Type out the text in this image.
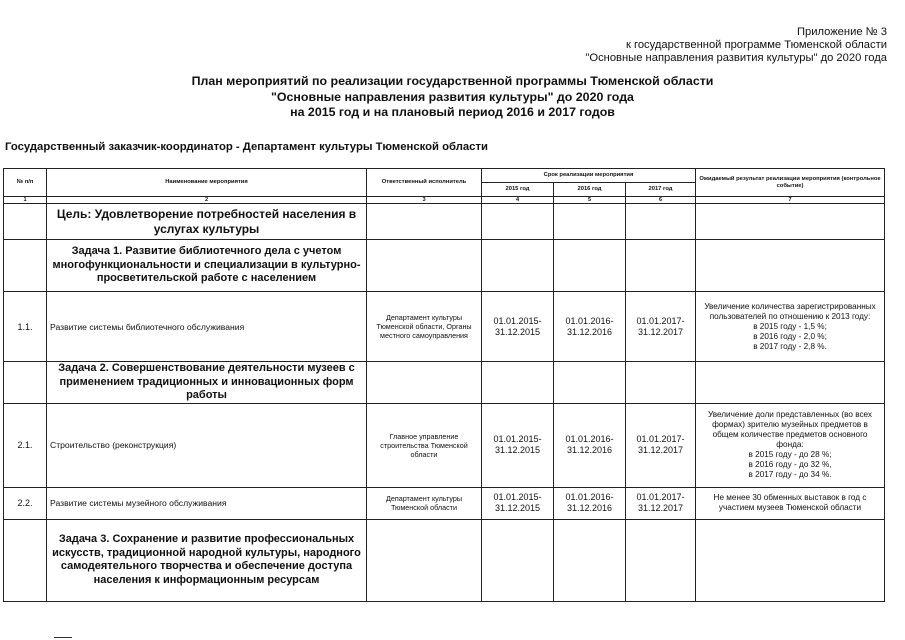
Приложение № 3
к государственной программе Тюменской области
"Основные направления развития культуры" до 2020 года
План мероприятий по реализации государственной программы Тюменской области
"Основные направления развития культуры" до 2020 года
на 2015 год и на плановый период 2016 и 2017 годов
Государственный заказчик-координатор - Департамент культуры Тюменской области
№ п/п	Наименование мероприятия	Ответственный исполнитель	Срок реализации мероприятия			Ожидаемый результат реализации мероприятия (контрольное событие)
			2015 год	2016 год	2017 год	
1	2	3	4	5	6	7
	Цель: Удовлетворение потребностей населения в услугах культуры					
	Задача 1. Развитие библиотечного дела с учетом многофункциональности и специализации в культурно-просветительской работе с населением					
1.1.	Развитие системы библиотечного обслуживания	Департамент культуры Тюменской области, Органы местного самоуправления	01.01.2015-31.12.2015	01.01.2016-31.12.2016	01.01.2017-31.12.2017	Увеличение количества зарегистрированных пользователей по отношению к 2013 году:
в 2015 году - 1,5 %;
в 2016 году - 2,0 %;
в 2017 году - 2,8 %.

	Задача 2. Совершенствование деятельности музеев с применением традиционных и инновационных форм работы					
2.1.	Строительство (реконструкция)	Главное управление строительства Тюменской области	01.01.2015-31.12.2015	01.01.2016-31.12.2016	01.01.2017-31.12.2017	Увеличение доли представленных (во всех формах) зрителю музейных предметов в общем количестве предметов основного фонда:
в 2015 году - до 28 %;
в 2016 году - до 32 %,
в 2017 году - до 34 %.

2.2.	Развитие системы музейного обслуживания	Департамент культуры Тюменской области	01.01.2015-31.12.2015	01.01.2016-31.12.2016	01.01.2017-31.12.2017	Не менее 30 обменных выставок в год с участием музеев Тюменской области

	Задача 3. Сохранение и развитие профессиональных искусств, традиционной народной культуры, народного самодеятельного творчества и обеспечение доступа населения к информационным ресурсам					
